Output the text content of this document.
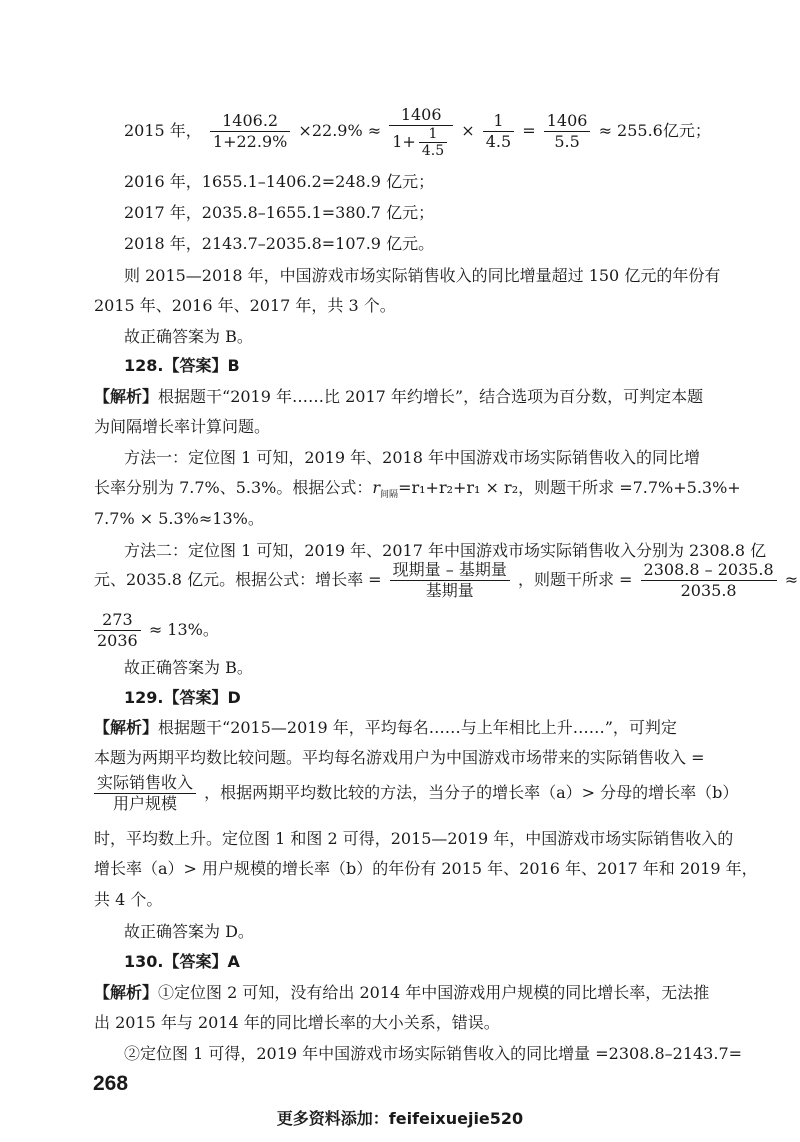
2015 年， $\frac{1406.2}{1+22.9\%} \times 22.9\% \approx \frac{1406}{1+ \frac{1}{4.5}} \times \frac{1}{4.5} = \frac{1406}{5.5} \approx 255.6$亿元；
2016 年，1655.1–1406.2=248.9 亿元；
2017 年，2035.8–1655.1=380.7 亿元；
2018 年，2143.7–2035.8=107.9 亿元。
则 2015—2018 年，中国游戏市场实际销售收入的同比增量超过 150 亿元的年份有
2015 年、2016 年、2017 年，共 3 个。
故正确答案为 B。
128.【答案】B
【解析】根据题干“2019 年……比 2017 年约增长”，结合选项为百分数，可判定本题
为间隔增长率计算问题。
方法一：定位图 1 可知，2019 年、2018 年中国游戏市场实际销售收入的同比增
长率分别为 7.7%、5.3%。根据公式：$r_{间隔}=r_1+r_2+r_1 \times r_2$，则题干所求 =7.7%+5.3%+
7.7% × 5.3%≈13%。
方法二：定位图 1 可知，2019 年、2017 年中国游戏市场实际销售收入分别为 2308.8 亿
元、2035.8 亿元。根据公式：增长率 = $\frac{\text{现期量 – 基期量}}{\text{基期量}}$ ，则题干所求 = $\frac{2308.8 - 2035.8}{2035.8}$ ≈
$\frac{273}{2036} \approx 13\%$。
故正确答案为 B。
129.【答案】D
【解析】根据题干“2015—2019 年，平均每名……与上年相比上升……”，可判定
本题为两期平均数比较问题。平均每名游戏用户为中国游戏市场带来的实际销售收入 =
$\frac{\text{实际销售收入}}{\text{用户规模}}$ ，根据两期平均数比较的方法，当分子的增长率（a）> 分母的增长率（b）
时，平均数上升。定位图 1 和图 2 可得，2015—2019 年，中国游戏市场实际销售收入的
增长率（a）> 用户规模的增长率（b）的年份有 2015 年、2016 年、2017 年和 2019 年，
共 4 个。
故正确答案为 D。
130.【答案】A
【解析】①定位图 2 可知，没有给出 2014 年中国游戏用户规模的同比增长率，无法推
出 2015 年与 2014 年的同比增长率的大小关系，错误。
②定位图 1 可得，2019 年中国游戏市场实际销售收入的同比增量 =2308.8–2143.7=
268
更多资料添加：feifeixuejie520
